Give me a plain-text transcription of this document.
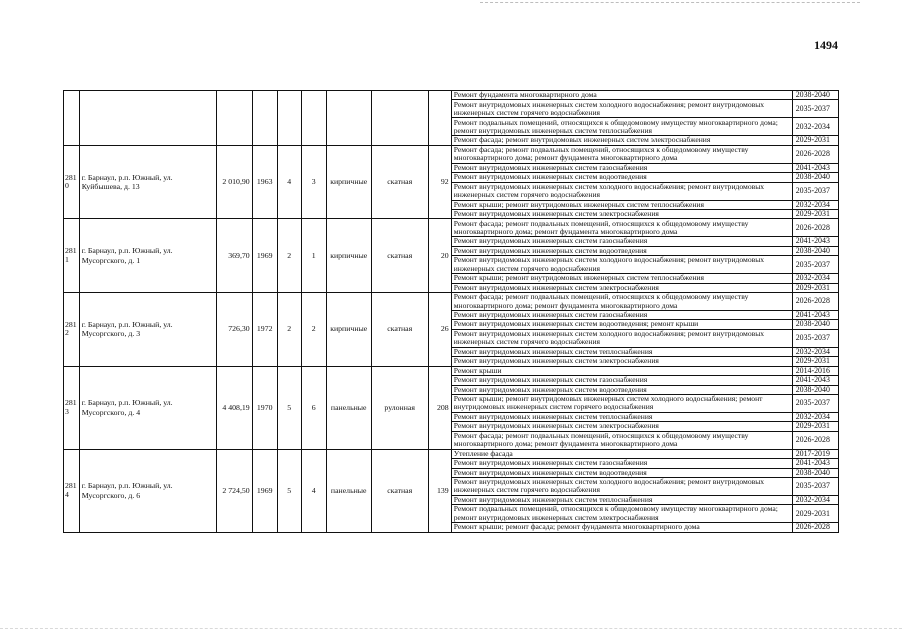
1494
									Ремонт фундамента многоквартирного дома	2038-2040
									Ремонт внутридомовых инженерных систем холодного водоснабжения; ремонт внутридомовых инженерных систем горячего водоснабжения	2035-2037
									Ремонт подвальных помещений, относящихся к общедомовому имуществу многоквартирного дома; ремонт внутридомовых инженерных систем теплоснабжения	2032-2034
									Ремонт фасада; ремонт внутридомовых инженерных систем электроснабжения	2029-2031
281 0	г. Барнаул, р.п. Южный, ул. Куйбышева, д. 13	2 010,90	1963	4	3	кирпичные	скатная	92	Ремонт фасада; ремонт подвальных помещений, относящихся к общедомовому имуществу многоквартирного дома; ремонт фундамента многоквартирного дома	2026-2028
									Ремонт внутридомовых инженерных систем газоснабжения	2041-2043
									Ремонт внутридомовых инженерных систем водоотведения	2038-2040
									Ремонт внутридомовых инженерных систем холодного водоснабжения; ремонт внутридомовых инженерных систем горячего водоснабжения	2035-2037
									Ремонт крыши; ремонт внутридомовых инженерных систем теплоснабжения	2032-2034
									Ремонт внутридомовых инженерных систем электроснабжения	2029-2031
281 1	г. Барнаул, р.п. Южный, ул. Мусоргского, д. 1	369,70	1969	2	1	кирпичные	скатная	20	Ремонт фасада; ремонт подвальных помещений, относящихся к общедомовому имуществу многоквартирного дома; ремонт фундамента многоквартирного дома	2026-2028
									Ремонт внутридомовых инженерных систем газоснабжения	2041-2043
									Ремонт внутридомовых инженерных систем водоотведения	2038-2040
									Ремонт внутридомовых инженерных систем холодного водоснабжения; ремонт внутридомовых инженерных систем горячего водоснабжения	2035-2037
									Ремонт крыши; ремонт внутридомовых инженерных систем теплоснабжения	2032-2034
									Ремонт внутридомовых инженерных систем электроснабжения	2029-2031
281 2	г. Барнаул, р.п. Южный, ул. Мусоргского, д. 3	726,30	1972	2	2	кирпичные	скатная	26	Ремонт фасада; ремонт подвальных помещений, относящихся к общедомовому имуществу многоквартирного дома; ремонт фундамента многоквартирного дома	2026-2028
									Ремонт внутридомовых инженерных систем газоснабжения	2041-2043
									Ремонт внутридомовых инженерных систем водоотведения; ремонт крыши	2038-2040
									Ремонт внутридомовых инженерных систем холодного водоснабжения; ремонт внутридомовых инженерных систем горячего водоснабжения	2035-2037
									Ремонт внутридомовых инженерных систем теплоснабжения	2032-2034
									Ремонт внутридомовых инженерных систем электроснабжения	2029-2031
281 3	г. Барнаул, р.п. Южный, ул. Мусоргского, д. 4	4 408,19	1970	5	6	панельные	рулонная	208	Ремонт крыши	2014-2016
									Ремонт внутридомовых инженерных систем газоснабжения	2041-2043
									Ремонт внутридомовых инженерных систем водоотведения	2038-2040
									Ремонт крыши; ремонт внутридомовых инженерных систем холодного водоснабжения; ремонт внутридомовых инженерных систем горячего водоснабжения	2035-2037
									Ремонт внутридомовых инженерных систем теплоснабжения	2032-2034
									Ремонт внутридомовых инженерных систем электроснабжения	2029-2031
									Ремонт фасада; ремонт подвальных помещений, относящихся к общедомовому имуществу многоквартирного дома; ремонт фундамента многоквартирного дома	2026-2028
281 4	г. Барнаул, р.п. Южный, ул. Мусоргского, д. 6	2 724,50	1969	5	4	панельные	скатная	139	Утепление фасада	2017-2019
									Ремонт внутридомовых инженерных систем газоснабжения	2041-2043
									Ремонт внутридомовых инженерных систем водоотведения	2038-2040
									Ремонт внутридомовых инженерных систем холодного водоснабжения; ремонт внутридомовых инженерных систем горячего водоснабжения	2035-2037
									Ремонт внутридомовых инженерных систем теплоснабжения	2032-2034
									Ремонт подвальных помещений, относящихся к общедомовому имуществу многоквартирного дома; ремонт внутридомовых инженерных систем электроснабжения	2029-2031
									Ремонт крыши; ремонт фасада; ремонт фундамента многоквартирного дома	2026-2028
